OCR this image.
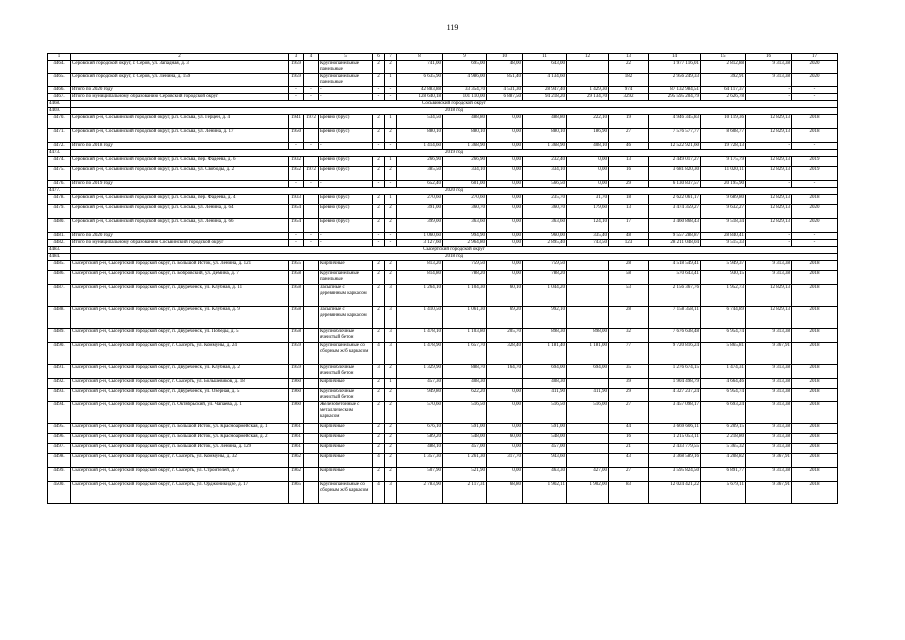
119
1	2	3	4	5	6	7	8	9	10	11	12	13	14	15	16	17
4464.	Серовский городской округ, г. Серов, ул. Западная, д. 3	1959		Крупнопанельные панельные	2	2	741,00	695,00	48,00	643,00		22	1 977 116,01	2 812,88	9 313,38	2020
4465.	Серовский городской округ, г. Серов, ул. Ленина, д. 159	1959		Крупнопанельные панельные	2	1	6 635,90	4 986,00	851,40	4 134,60		182	2 956 249,33	392,91	9 313,38	2020
4466.	Итого по 2020 году	-	-	-	-	-	42 883,88	33 354,70	4 531,30	28 947,40	1 429,30	974	87 132 984,51	64 117,37	-	-
4467.	Итого по муниципальному образованию Серовский городской округ	-	-	-	-	-	128 640,18	101 110,00	6 887,50	94 218,20	29 134,70	3292	295 595 204,79	2 626,78	-	-
4468.	Сосьвинский городской округ															
4469.	2018 год															
4470.	Серовский р-н, Сосьвинский городской округ, р.п. Сосьва, ул. Герцен, д. 4	1941	1972	Бревно (брус)	2	1	534,50	488,80	0,00	488,80	222,10	19	4 946 345,83	10 119,36	12 829,13	2018
4471.	Серовский р-н, Сосьвинский городской округ, р.п. Сосьва, ул. Ленина, д. 17	1950		Бревно (брус)	2	2	880,10	880,10	0,00	880,10	186,90	27	7 576 577,77	8 608,77	12 829,13	2018
4472.	Итого по 2018 году	-	-	-	-	-	1 414,60	1 368,90	0,00	1 368,90	408,10	46	12 522 921,60	19 728,13	-	-
4473.	2019 год															
4474.	Серовский р-н, Сосьвинский городской округ, р.п. Сосьва, пер. Фадеева, д. 6	1932		Бревно (брус)	2	1	266,90	266,90	0,00	232,40	0,00	13	2 449 017,27	9 175,79	12 829,13	2019
4475.	Серовский р-н, Сосьвинский городской округ, р.п. Сосьва, ул. Свободы, д. 2	1952	1972	Бревно (брус)	2	2	385,50	334,10	0,00	334,10	0,00	16	3 681 820,30	11 020,11	12 829,13	2019
4476.	Итого по 2019 году	-	-	-	-	-	652,40	601,00	0,00	566,50	0,00	29	6 130 837,57	20 195,90	-	-
4477.	2020 год															
4478.	Серовский р-н, Сосьвинский городской округ, р.п. Сосьва, пер. Фадеева, д. 4	1933		Бревно (брус)	2	1	270,60	270,60	0,00	235,70	31,70	18	2 622 061,17	9 689,80	12 829,13	2018
4479.	Серовский р-н, Сосьвинский городской округ, р.п. Сосьва, ул. Ленина, д. 64	1954		Бревно (брус)	2	2	391,00	360,70	0,00	360,70	179,60	13	3 474 359,27	9 632,27	12 829,13	2020
4480.	Серовский р-н, Сосьвинский городской округ, р.п. Сосьва, ул. Ленина, д. 66	1954		Бревно (брус)	2	2	399,00	363,60	0,00	363,60	124,10	17	3 460 868,43	9 518,34	12 829,13	2020
4481.	Итого по 2020 году	-	-	-	-	-	1 060,60	994,90	0,00	960,00	335,40	48	9 557 288,87	28 840,41	-	-
4482.	Итого по муниципальному образованию Сосьвинский городской округ	-	-	-	-	-	3 127,60	2 964,80	0,00	2 895,40	743,50	123	28 211 048,04	9 515,33	-	-
4483.	Сысертский городской округ															
4484.	2018 год															
4485.	Сысертский р-н, Сысертский городской округ, п. Большой Исток, ул. Ленина, д. 121	1955		Кирпичные	2	2	813,20	759,50	0,00	759,50		28	4 518 549,41	5 949,37	9 313,38	2018
4486.	Сысертский р-н, Сысертский городской округ, п. Бобровский, ул. Демина, д. 7	1958		Крупнопанельные панельные	2	2	814,80	788,20	0,00	788,20		58	570 643,41	930,15	9 313,38	2018
4487.	Сысертский р-н, Сысертский городской округ, п. Двуреченск, ул. Клубная, д. 11	1958		Засыпные с деревянным каркасом	2	3	1 264,10	1 104,30	60,10	1 044,20		53	2 156 367,76	1 952,73	12 829,13	2018
4488.	Сысертский р-н, Сысертский городской округ, п. Двуреченск, ул. Клубная, д. 9	1958		Засыпные с деревянным каркасом	2	3	1 410,50	1 061,30	69,20	992,10		28	7 158 358,11	6 744,89	12 829,13	2018
4489.	Сысертский р-н, Сысертский городской округ, п. Двуреченск, ул. Победы, д. 5	1958		Крупноблочные ячеистый бетон	2	3	1 478,10	1 103,80	205,70	898,30	898,00	32	7 676 638,48	6 954,74	9 313,38	2018
4490.	Сысертский р-н, Сысертский городской округ, г. Сысерть, ул. Коммуны, д. 24	1959		Крупнопанельные со сборным ж/б каркасом	4	3	1 478,90	1 657,70	328,40	1 181,40	1 181,00	77	9 720 816,24	5 865,81	9 367,91	2018
4491.	Сысертский р-н, Сысертский городской округ, п. Двуреченск, ул. Клубная, д. 2	1959		Крупноблочные ячеистый бетон	3	2	1 329,90	888,70	164,70	694,00	694,00	35	1 276 674,15	1 474,31	9 313,38	2018
4492.	Сысертский р-н, Сысертский городской округ, г. Сысерть, ул. Большевиков, д. 18	1960		Кирпичные	2	1	457,30	408,30		408,30		39	1 904 498,79	4 664,46	9 313,38	2018
4493.	Сысертский р-н, Сысертский городской округ, п. Двуреченск, ул. Озерная, д. 5	1960		Крупноблочные ячеистый бетон	2	2	949,80	622,20	0,00	411,90	411,90	29	4 327 237,24	6 954,74	9 313,38	2018
4494.	Сысертский р-н, Сысертский городской округ, п. Октябрьский, ул. Чапаева, д. 1	1960		Железобетонные с металлическим каркасом	2	2	570,60	516,50	0,00	516,50	516,00	27	3 457 098,17	6 693,24	9 313,38	2018
4495.	Сысертский р-н, Сысертский городской округ, п. Большой Исток, ул. Красноармейская, д. 1	1961		Кирпичные	2	2	676,10	591,00	0,00	591,00		44	3 669 606,11	6 209,15	9 313,38	2018
4496.	Сысертский р-н, Сысертский городской округ, п. Большой Исток, ул. Красноармейская, д. 2	1961		Кирпичные	2	2	589,20	548,00	60,00	548,00		16	1 215 053,11	2 218,80	9 313,38	2018
4497.	Сысертский р-н, Сысертский городской округ, п. Большой Исток, ул. Ленина, д. 129	1961		Кирпичные	2	2	488,10	457,00	0,00	457,00		21	2 433 779,55	5 365,32	9 313,38	2018
4498.	Сысертский р-н, Сысертский городской округ, г. Сысерть, ул. Коммуны, д. 32	1962		Кирпичные	4	2	1 357,30	1 261,30	317,70	943,60		43	3 368 589,16	4 208,82	9 367,91	2018
4499.	Сысертский р-н, Сысертский городской округ, г. Сысерть, ул. Строителей, д. 7	1962		Кирпичные	2	2	507,90	521,90	0,00	463,30	427,00	27	3 595 824,50	6 891,77	9 313,38	2018
4500.	Сысертский р-н, Сысертский городской округ, г. Сысерть, ул. Орджоникидзе, д. 17	1965		Крупнопанельные со сборным ж/б каркасом	4	3	2 783,90	2 117,31	68,80	1 902,11	1 902,00	83	12 024 421,22	5 679,11	9 367,91	2018
